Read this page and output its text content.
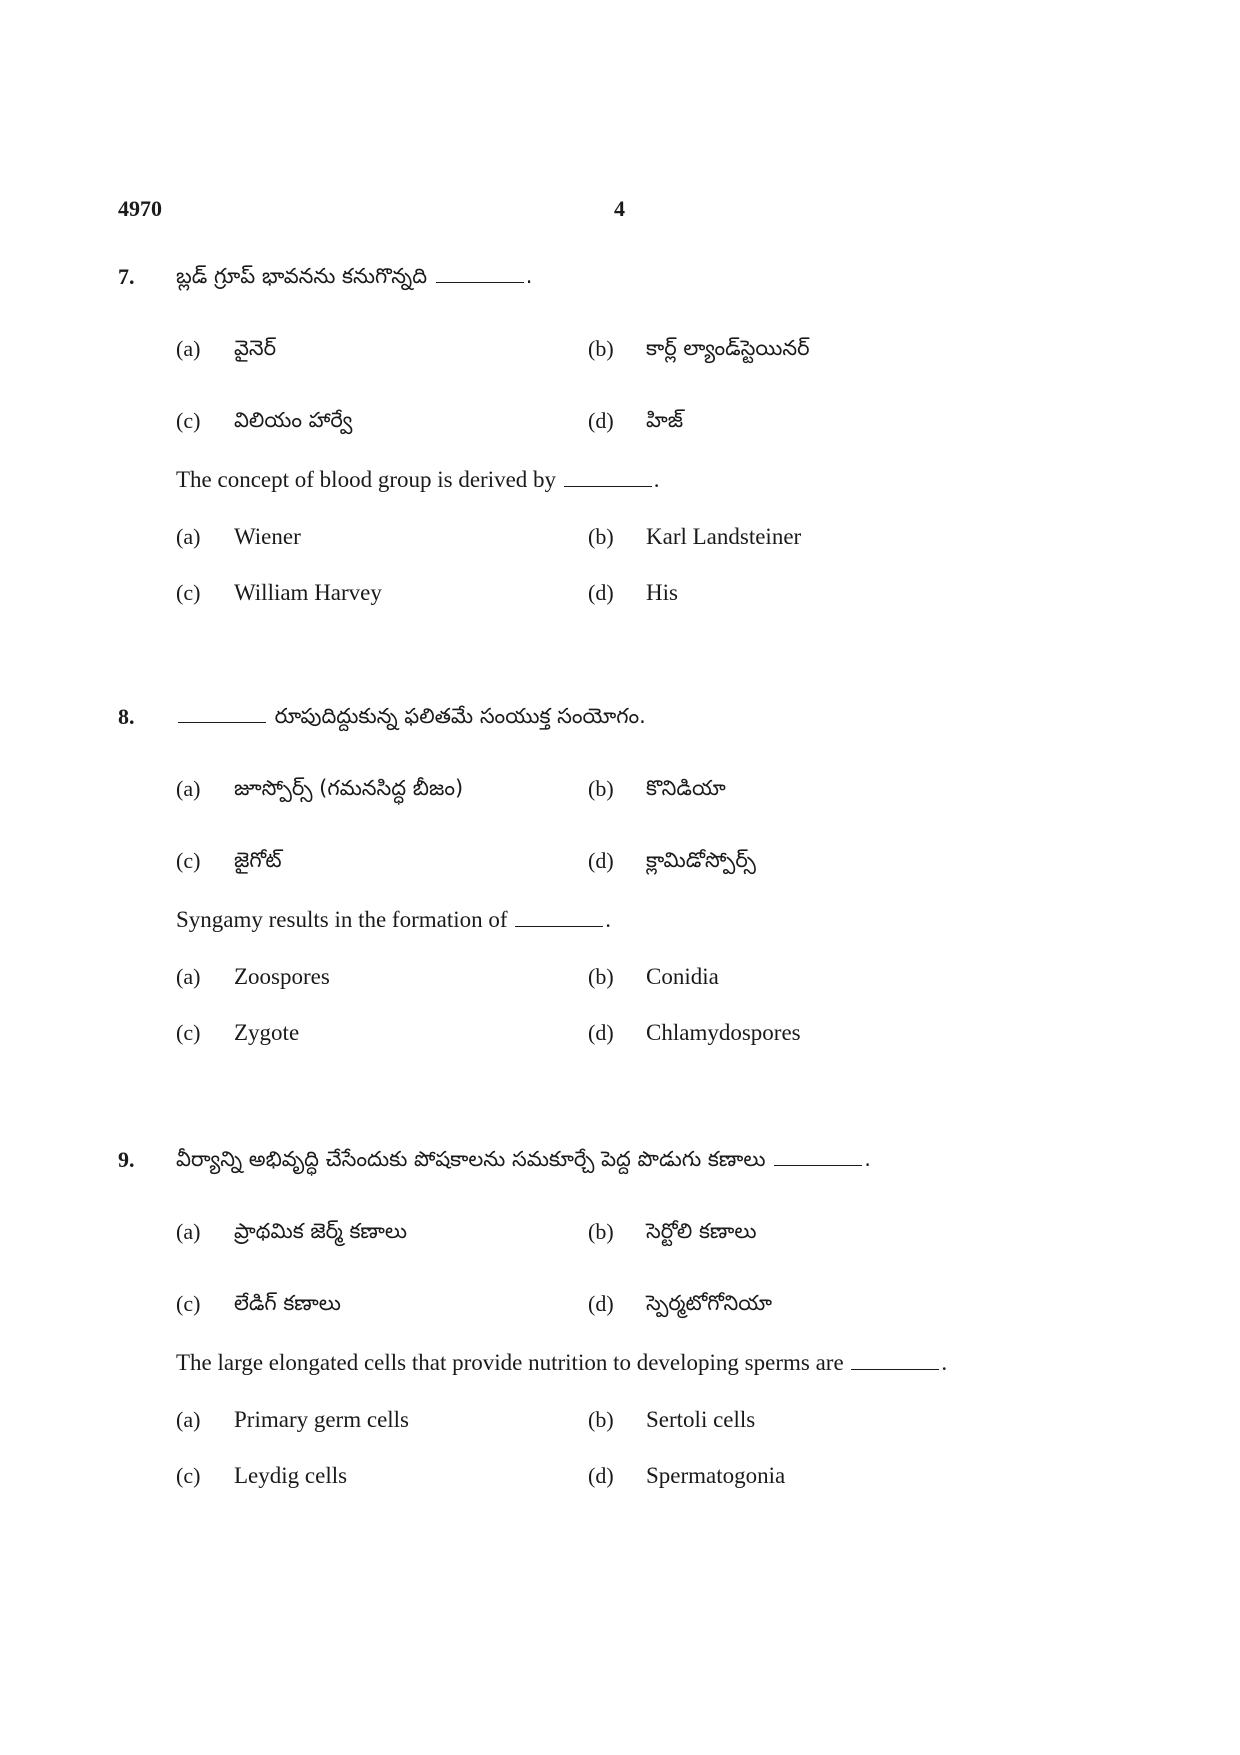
4970	4
7. బ్లడ్ గ్రూప్ భావనను కనుగొన్నది	.
(a) వైనెర్	(b) కార్ల్ ల్యాండ్‌స్టెయినర్
(c) విలియం హార్వే	(d) హిజ్
The concept of blood group is derived by	.
(a) Wiener	(b) Karl Landsteiner
(c) William Harvey	(d) His
8.	రూపుదిద్దుకున్న ఫలితమే సంయుక్త సంయోగం.
(a) జూస్పోర్స్ (గమనసిద్ధ బీజం)	(b) కొనిడియా
(c) జైగోట్	(d) క్లామిడోస్పోర్స్
Syngamy results in the formation of	.
(a) Zoospores	(b) Conidia
(c) Zygote	(d) Chlamydospores
9. వీర్యాన్ని అభివృద్ధి చేసేందుకు పోషకాలను సమకూర్చే పెద్ద పొడుగు కణాలు	.
(a) ప్రాథమిక జెర్మ్ కణాలు	(b) సెర్టోలి కణాలు
(c) లేడిగ్ కణాలు	(d) స్పెర్మటోగోనియా
The large elongated cells that provide nutrition to developing sperms are	.
(a) Primary germ cells	(b) Sertoli cells
(c) Leydig cells	(d) Spermatogonia
